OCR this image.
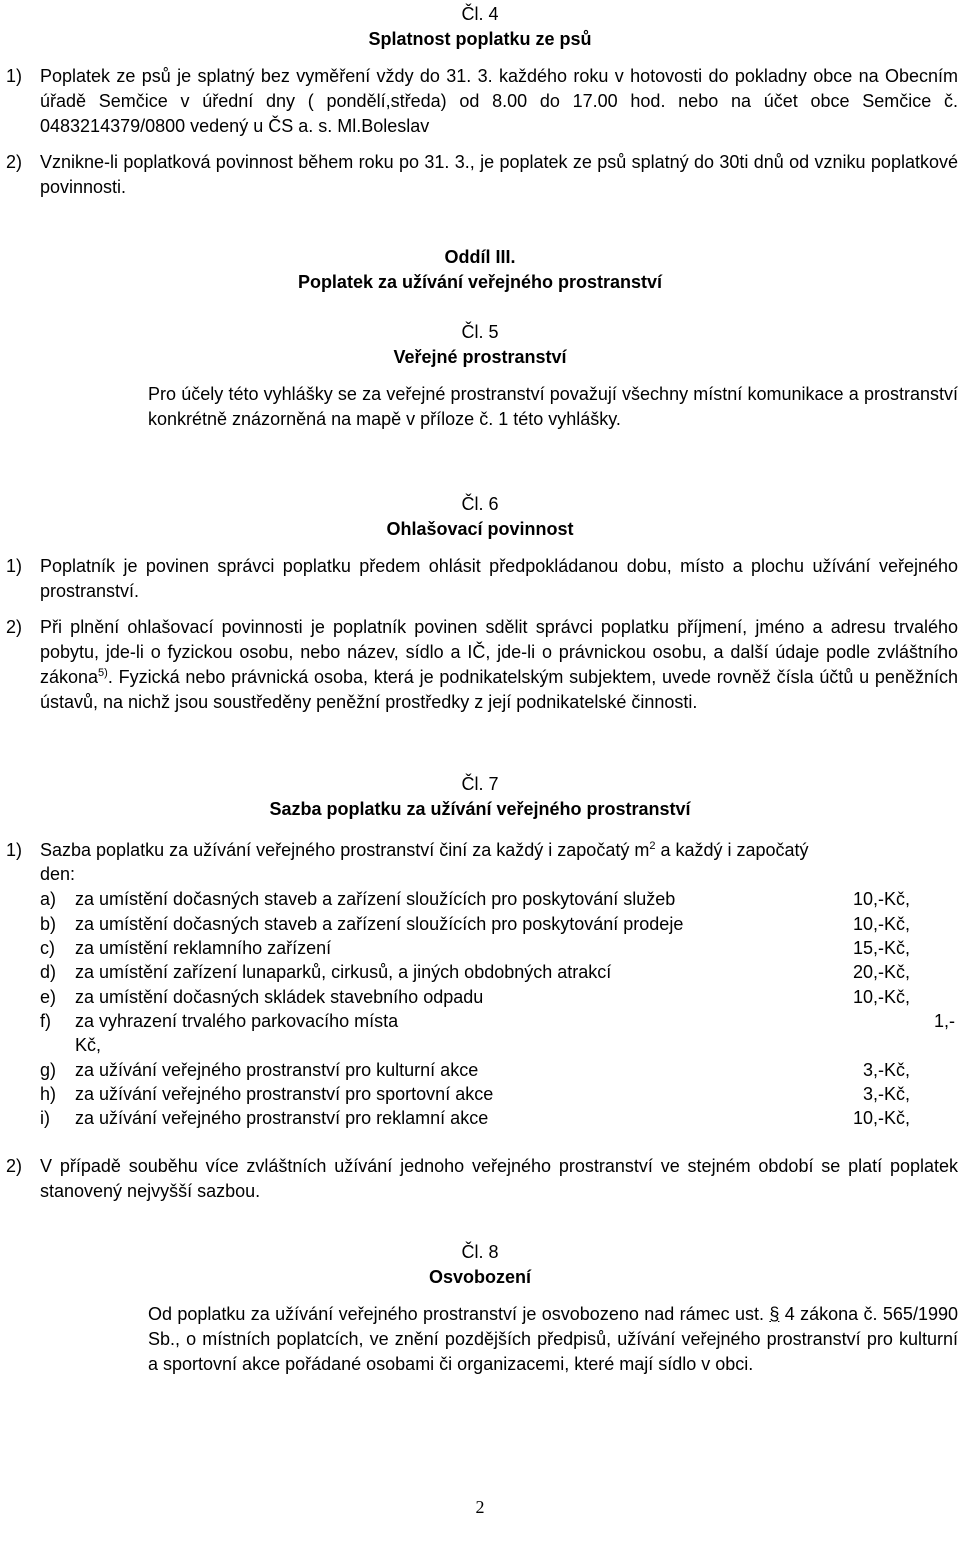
Čl. 4
Splatnost poplatku ze psů
1) Poplatek ze psů je splatný bez vyměření vždy do 31. 3. každého roku v hotovosti do pokladny obce na Obecním úřadě Semčice v úřední dny ( pondělí,středa) od 8.00 do 17.00 hod. nebo na účet obce Semčice č. 0483214379/0800 vedený u ČS a. s. Ml.Boleslav
2) Vznikne-li poplatková povinnost během roku po 31. 3., je poplatek ze psů splatný do 30ti dnů od vzniku poplatkové povinnosti.
Oddíl III.
Poplatek za užívání veřejného prostranství
Čl. 5
Veřejné prostranství
Pro účely této vyhlášky se za veřejné prostranství považují všechny místní komunikace a prostranství konkrétně znázorněná na mapě v příloze č. 1 této vyhlášky.
Čl. 6
Ohlašovací povinnost
1) Poplatník je povinen správci poplatku předem ohlásit předpokládanou dobu, místo a plochu užívání veřejného prostranství.
2) Při plnění ohlašovací povinnosti je poplatník povinen sdělit správci poplatku příjmení, jméno a adresu trvalého pobytu, jde-li o fyzickou osobu, nebo název, sídlo a IČ, jde-li o právnickou osobu, a další údaje podle zvláštního zákona$^{5)}$. Fyzická nebo právnická osoba, která je podnikatelským subjektem, uvede rovněž čísla účtů u peněžních ústavů, na nichž jsou soustředěny peněžní prostředky z její podnikatelské činnosti.
Čl. 7
Sazba poplatku za užívání veřejného prostranství
1) Sazba poplatku za užívání veřejného prostranství činí za každý i započatý $m^2$ a každý i započatý
den:
a) za umístění dočasných staveb a zařízení sloužících pro poskytování služeb	10,-Kč,
b) za umístění dočasných staveb a zařízení sloužících pro poskytování prodeje	10,-Kč,
c) za umístění reklamního zařízení	15,-Kč,
d) za umístění zařízení lunaparků, cirkusů, a jiných obdobných atrakcí	20,-Kč,
e) za umístění dočasných skládek stavebního odpadu	10,-Kč,
f) za vyhrazení trvalého parkovacího místa	1,-
Kč,
g) za užívání veřejného prostranství pro kulturní akce	3,-Kč,
h) za užívání veřejného prostranství pro sportovní akce	3,-Kč,
i) za užívání veřejného prostranství pro reklamní akce	10,-Kč,
2) V případě souběhu více zvláštních užívání jednoho veřejného prostranství ve stejném období se platí poplatek stanovený nejvyšší sazbou.
Čl. 8
Osvobození
Od poplatku za užívání veřejného prostranství je osvobozeno nad rámec ust. § 4 zákona č. 565/1990 Sb., o místních poplatcích, ve znění pozdějších předpisů, užívání veřejného prostranství pro kulturní a sportovní akce pořádané osobami či organizacemi, které mají sídlo v obci.
2
